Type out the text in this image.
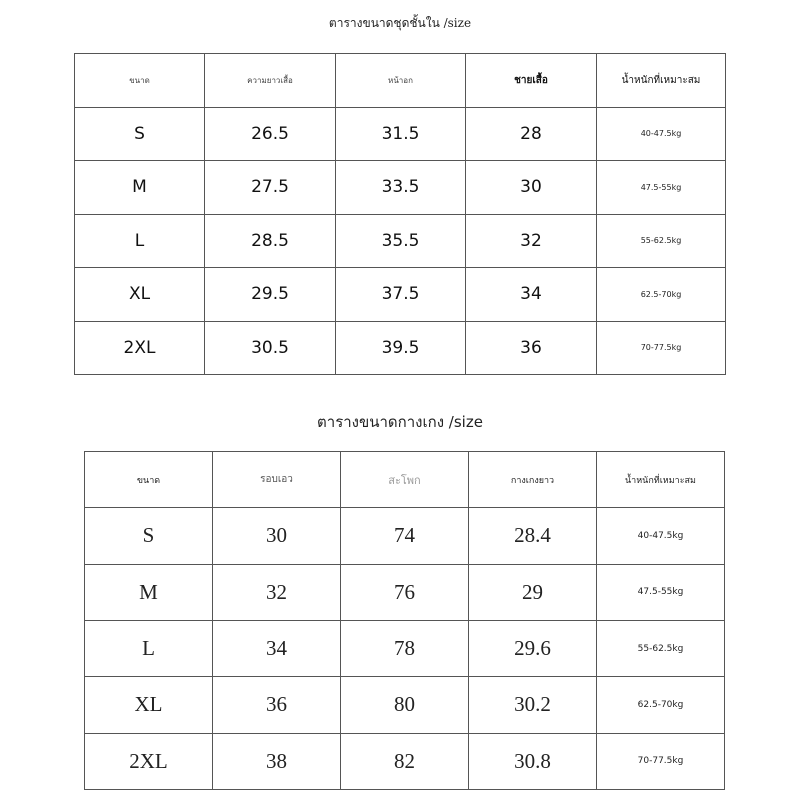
ตารางขนาดชุดชั้นใน /size
ขนาด	ความยาวเสื้อ	หน้าอก	ชายเสื้อ	น้ำหนักที่เหมาะสม
S	26.5	31.5	28	40-47.5kg
M	27.5	33.5	30	47.5-55kg
L	28.5	35.5	32	55-62.5kg
XL	29.5	37.5	34	62.5-70kg
2XL	30.5	39.5	36	70-77.5kg
ตารางขนาดกางเกง /size
ขนาด	รอบเอว	สะโพก	กางเกงยาว	น้ำหนักที่เหมาะสม
S	30	74	28.4	40-47.5kg
M	32	76	29	47.5-55kg
L	34	78	29.6	55-62.5kg
XL	36	80	30.2	62.5-70kg
2XL	38	82	30.8	70-77.5kg
